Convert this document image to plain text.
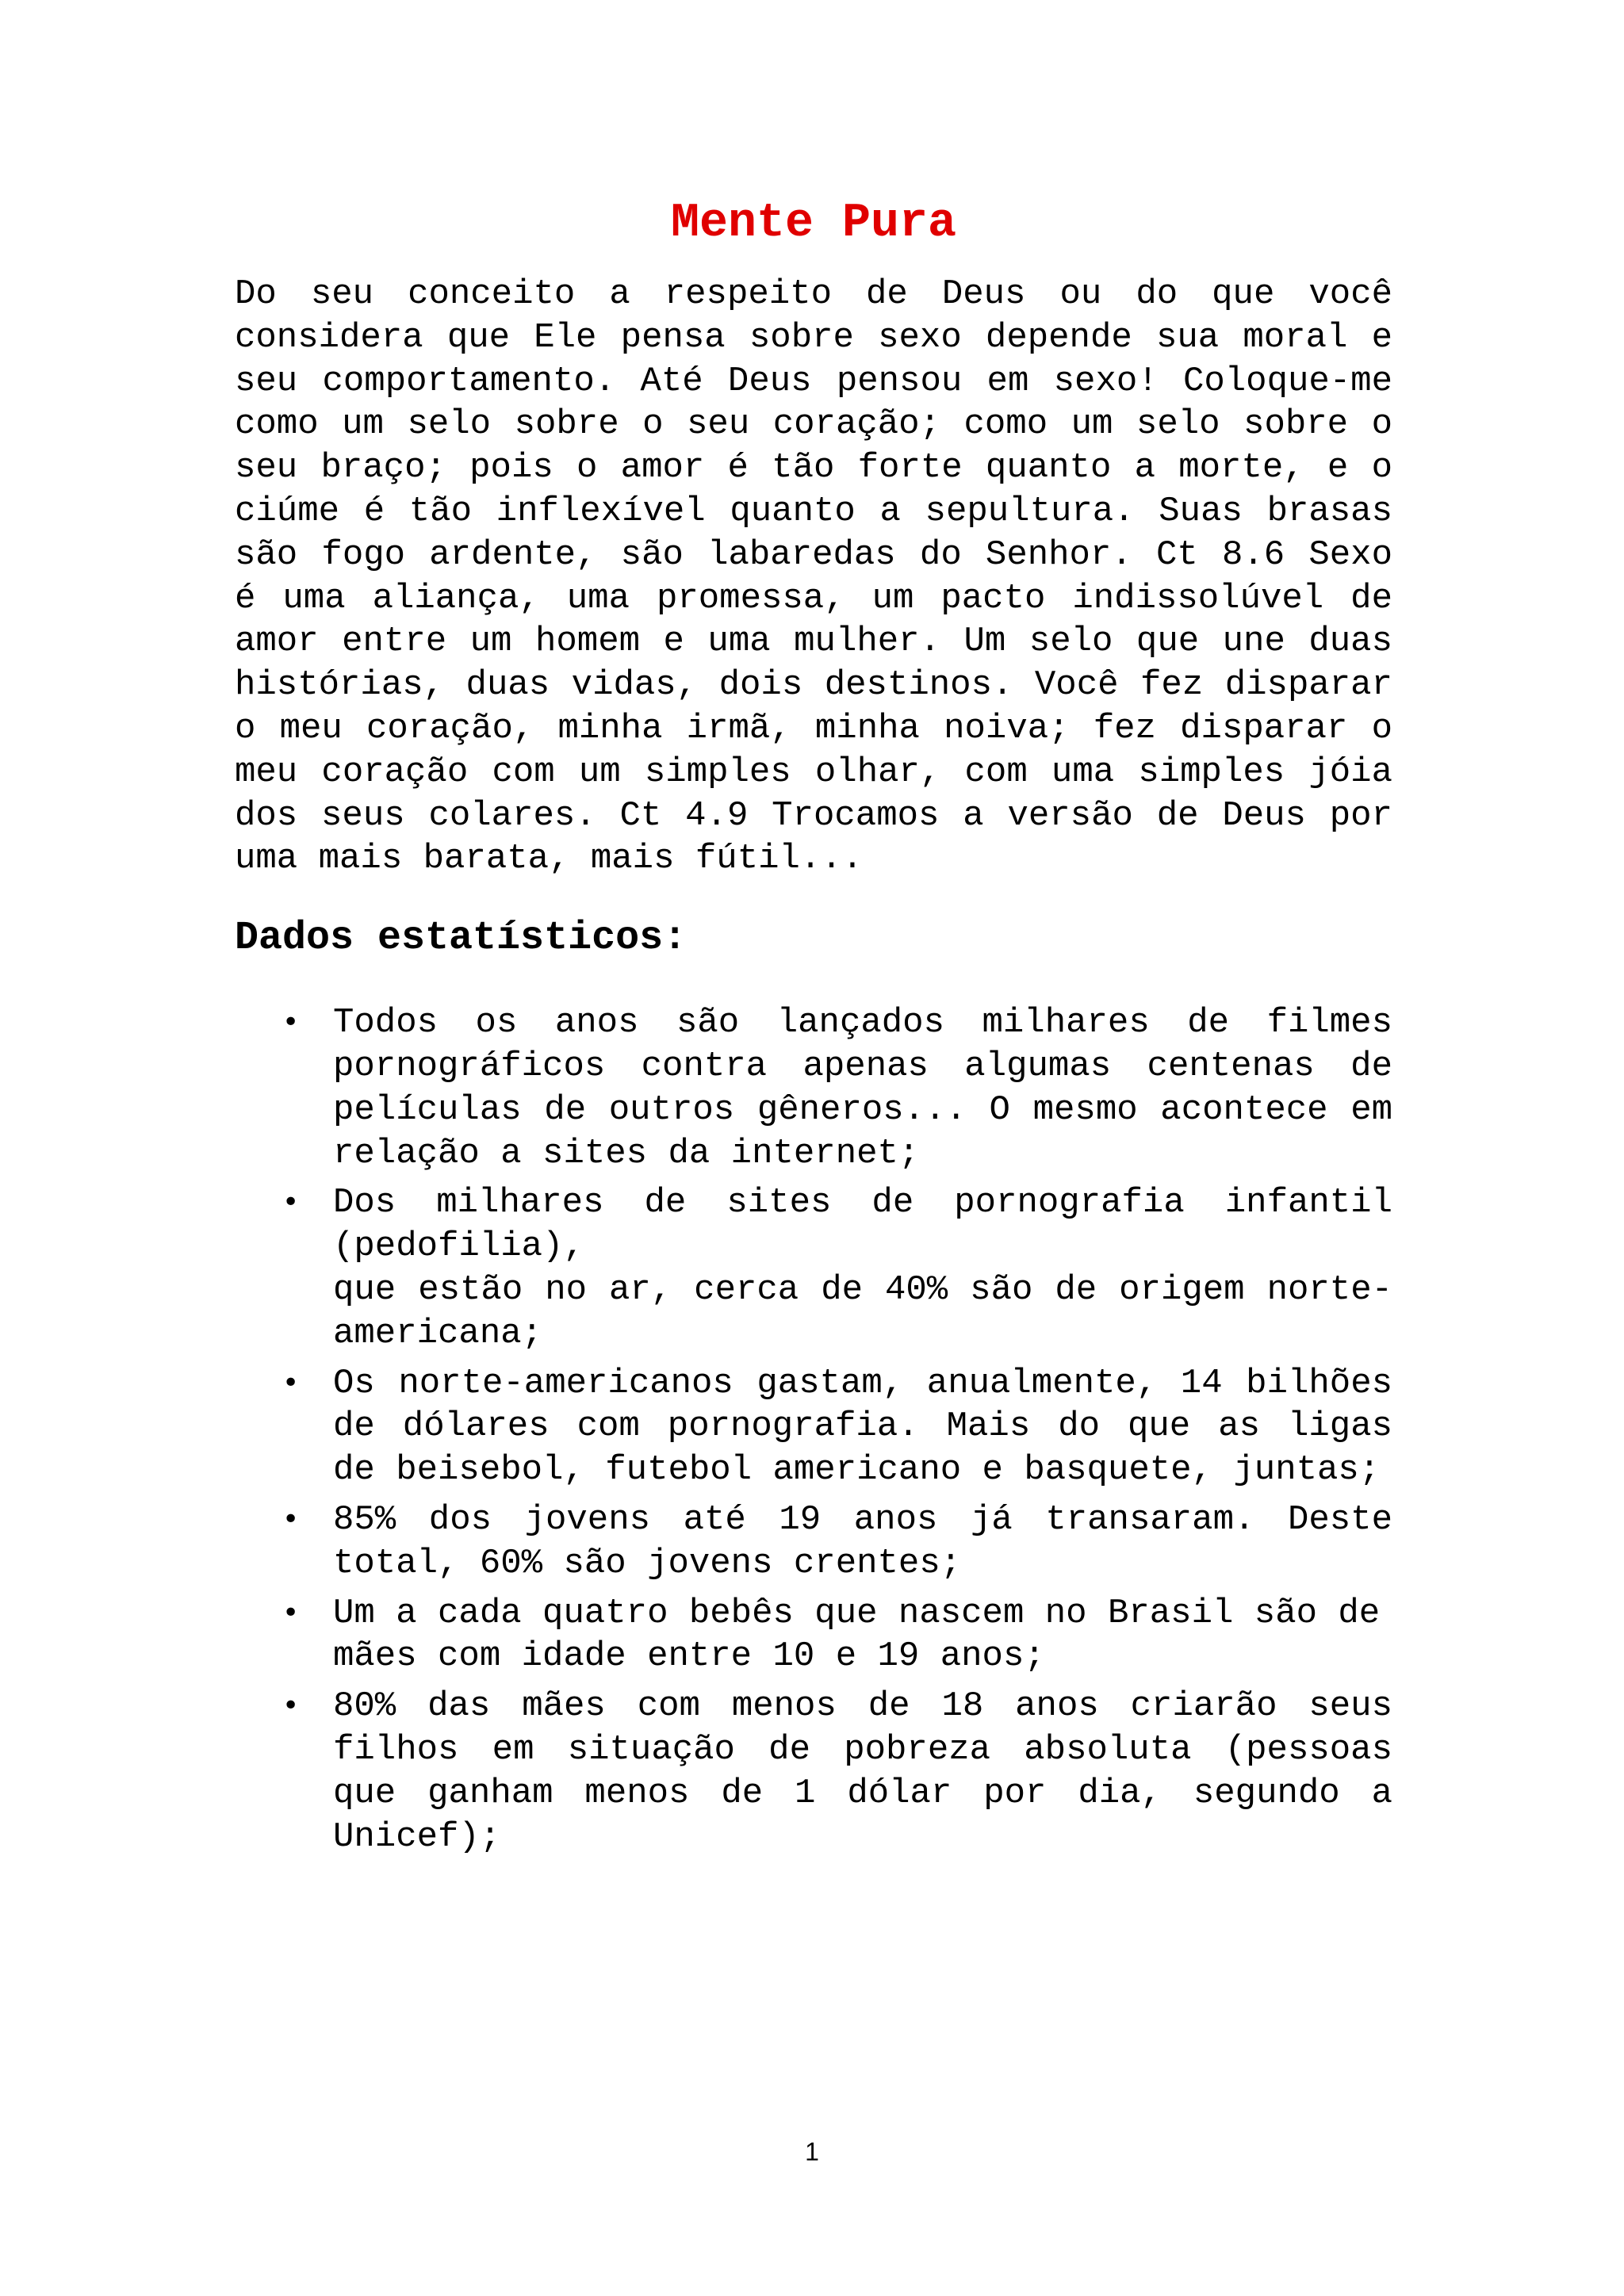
Mente Pura

Do seu conceito a respeito de Deus ou do que você considera que Ele pensa sobre sexo depende sua moral e seu comportamento. Até Deus pensou em sexo! Coloque-me como um selo sobre o seu coração; como um selo sobre o seu braço; pois o amor é tão forte quanto a morte, e o ciúme é tão inflexível quanto a sepultura. Suas brasas são fogo ardente, são labaredas do Senhor. Ct 8.6 Sexo é uma aliança, uma promessa, um pacto indissolúvel de amor entre um homem e uma mulher. Um selo que une duas histórias, duas vidas, dois destinos. Você fez disparar o meu coração, minha irmã, minha noiva; fez disparar o meu coração com um simples olhar, com uma simples jóia dos seus colares. Ct 4.9 Trocamos a versão de Deus por uma mais barata, mais fútil...

Dados estatísticos:
• Todos os anos são lançados milhares de filmes pornográficos contra apenas algumas centenas de películas de outros gêneros... O mesmo acontece em relação a sites da internet;
• Dos milhares de sites de pornografia infantil (pedofilia),
que estão no ar, cerca de 40% são de origem norte-americana;
• Os norte-americanos gastam, anualmente, 14 bilhões de dólares com pornografia. Mais do que as ligas de beisebol, futebol americano e basquete, juntas;
• 85% dos jovens até 19 anos já transaram. Deste total, 60% são jovens crentes;
• Um a cada quatro bebês que nascem no Brasil são de
mães com idade entre 10 e 19 anos;
• 80% das mães com menos de 18 anos criarão seus filhos em situação de pobreza absoluta (pessoas que ganham menos de 1 dólar por dia, segundo a Unicef);
1
